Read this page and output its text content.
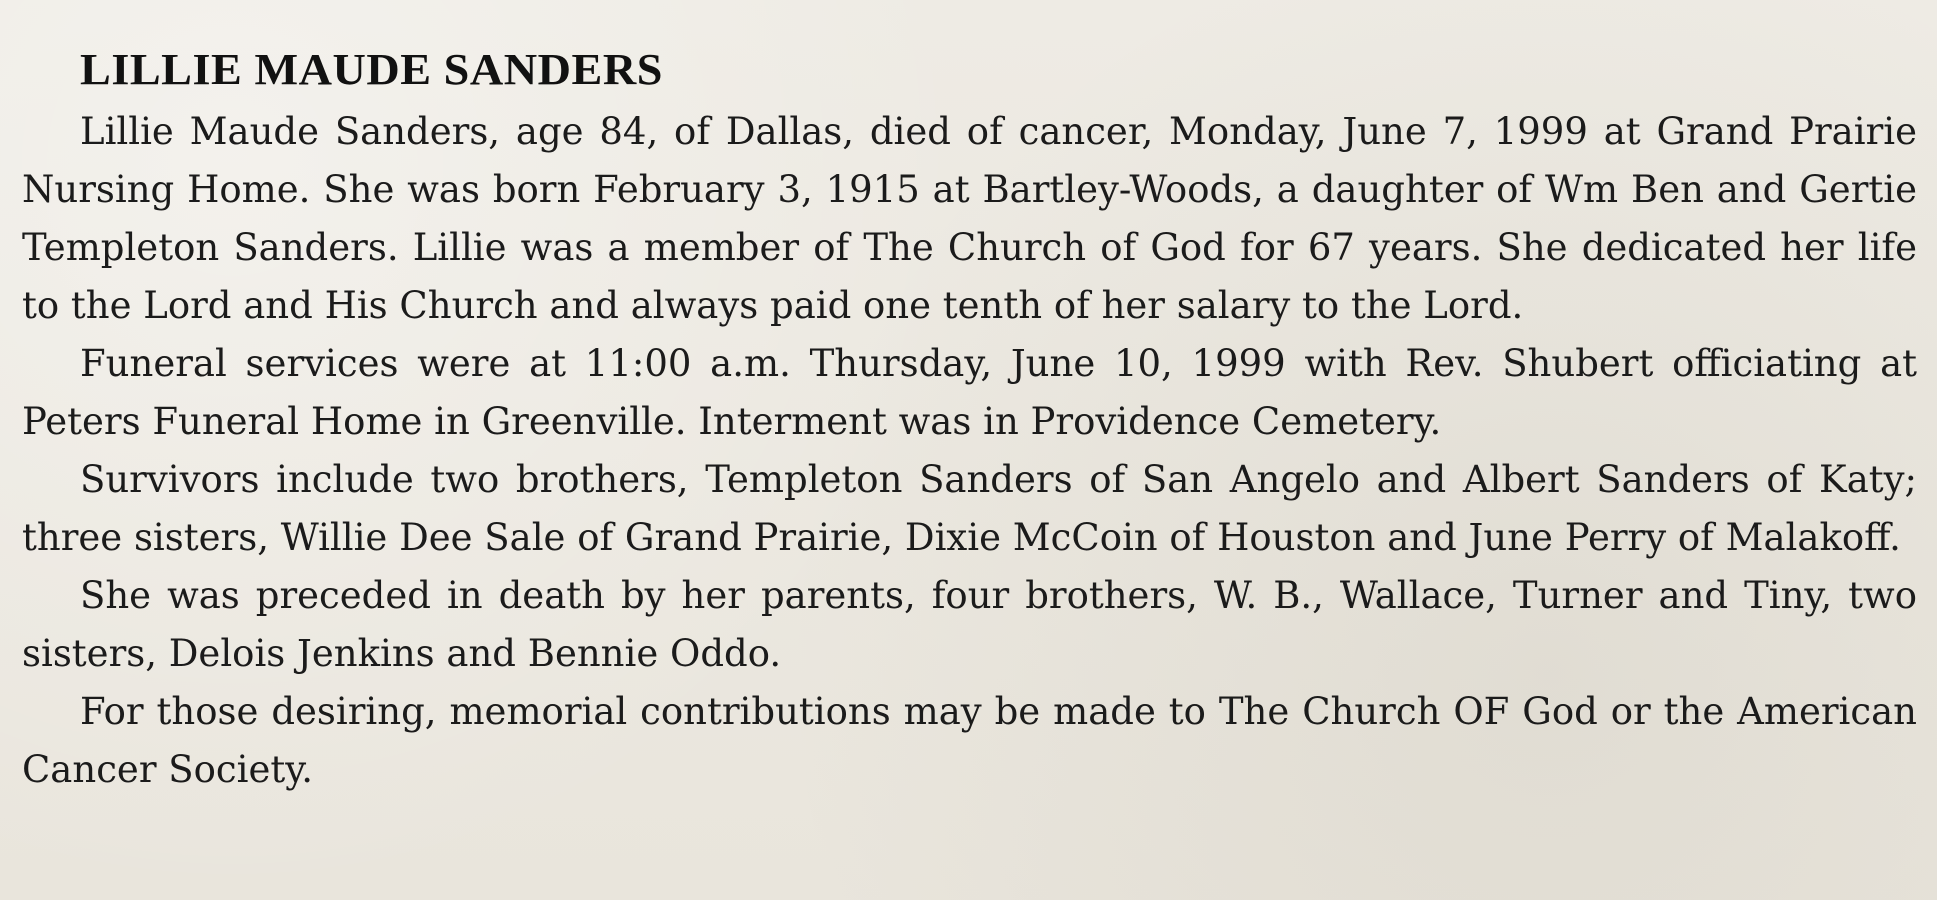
LILLIE MAUDE SANDERS

Lillie Maude Sanders, age 84, of Dallas, died of cancer, Monday, June 7, 1999 at Grand Prairie Nursing Home. She was born February 3, 1915 at Bartley-Woods, a daughter of Wm Ben and Gertie Templeton Sanders. Lillie was a member of The Church of God for 67 years. She dedicated her life to the Lord and His Church and always paid one tenth of her salary to the Lord.

Funeral services were at 11:00 a.m. Thursday, June 10, 1999 with Rev. Shubert officiating at Peters Funeral Home in Greenville. Interment was in Providence Cemetery.

Survivors include two brothers, Templeton Sanders of San Angelo and Albert Sanders of Katy; three sisters, Willie Dee Sale of Grand Prairie, Dixie McCoin of Houston and June Perry of Malakoff.

She was preceded in death by her parents, four brothers, W. B., Wallace, Turner and Tiny, two sisters, Delois Jenkins and Bennie Oddo.

For those desiring, memorial contributions may be made to The Church OF God or the American Cancer Society.
